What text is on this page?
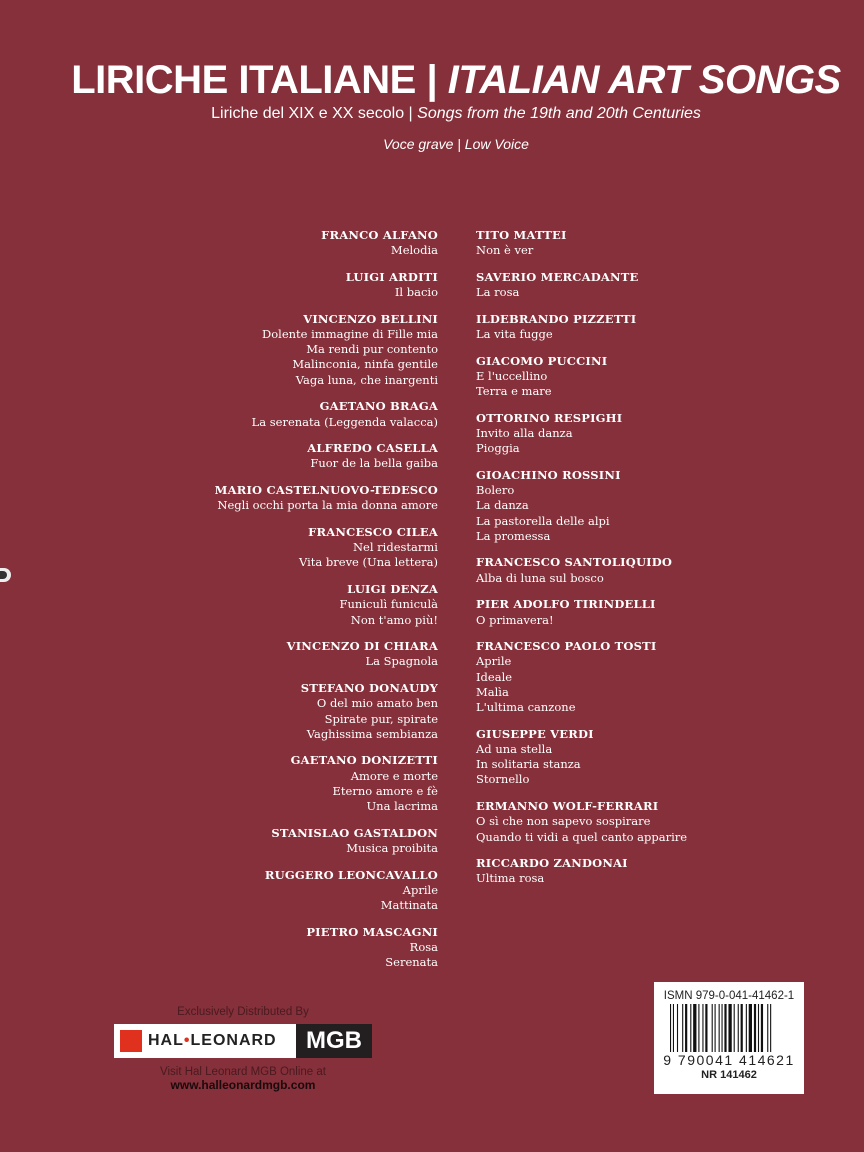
LIRICHE ITALIANE | ITALIAN ART SONGS
Liriche del XIX e XX secolo | Songs from the 19th and 20th Centuries
Voce grave | Low Voice
FRANCO ALFANO
Melodia
LUIGI ARDITI
Il bacio
VINCENZO BELLINI
Dolente immagine di Fille mia
Ma rendi pur contento
Malinconia, ninfa gentile
Vaga luna, che inargenti
GAETANO BRAGA
La serenata (Leggenda valacca)
ALFREDO CASELLA
Fuor de la bella gaiba
MARIO CASTELNUOVO-TEDESCO
Negli occhi porta la mia donna amore
FRANCESCO CILEA
Nel ridestarmi
Vita breve (Una lettera)
LUIGI DENZA
Funiculì funiculà
Non t'amo più!
VINCENZO DI CHIARA
La Spagnola
STEFANO DONAUDY
O del mio amato ben
Spirate pur, spirate
Vaghissima sembianza
GAETANO DONIZETTI
Amore e morte
Eterno amore e fè
Una lacrima
STANISLAO GASTALDON
Musica proibita
RUGGERO LEONCAVALLO
Aprile
Mattinata
PIETRO MASCAGNI
Rosa
Serenata
TITO MATTEI
Non è ver
SAVERIO MERCADANTE
La rosa
ILDEBRANDO PIZZETTI
La vita fugge
GIACOMO PUCCINI
E l'uccellino
Terra e mare
OTTORINO RESPIGHI
Invito alla danza
Pioggia
GIOACHINO ROSSINI
Bolero
La danza
La pastorella delle alpi
La promessa
FRANCESCO SANTOLIQUIDO
Alba di luna sul bosco
PIER ADOLFO TIRINDELLI
O primavera!
FRANCESCO PAOLO TOSTI
Aprile
Ideale
Malìa
L'ultima canzone
GIUSEPPE VERDI
Ad una stella
In solitaria stanza
Stornello
ERMANNO WOLF-FERRARI
O sì che non sapevo sospirare
Quando ti vidi a quel canto apparire
RICCARDO ZANDONAI
Ultima rosa
Exclusively Distributed By
HAL • LEONARD	MGB
Visit Hal Leonard MGB Online at
www.halleonardmgb.com
ISMN 979-0-041-41462-1
9 790041 414621
NR 141462
